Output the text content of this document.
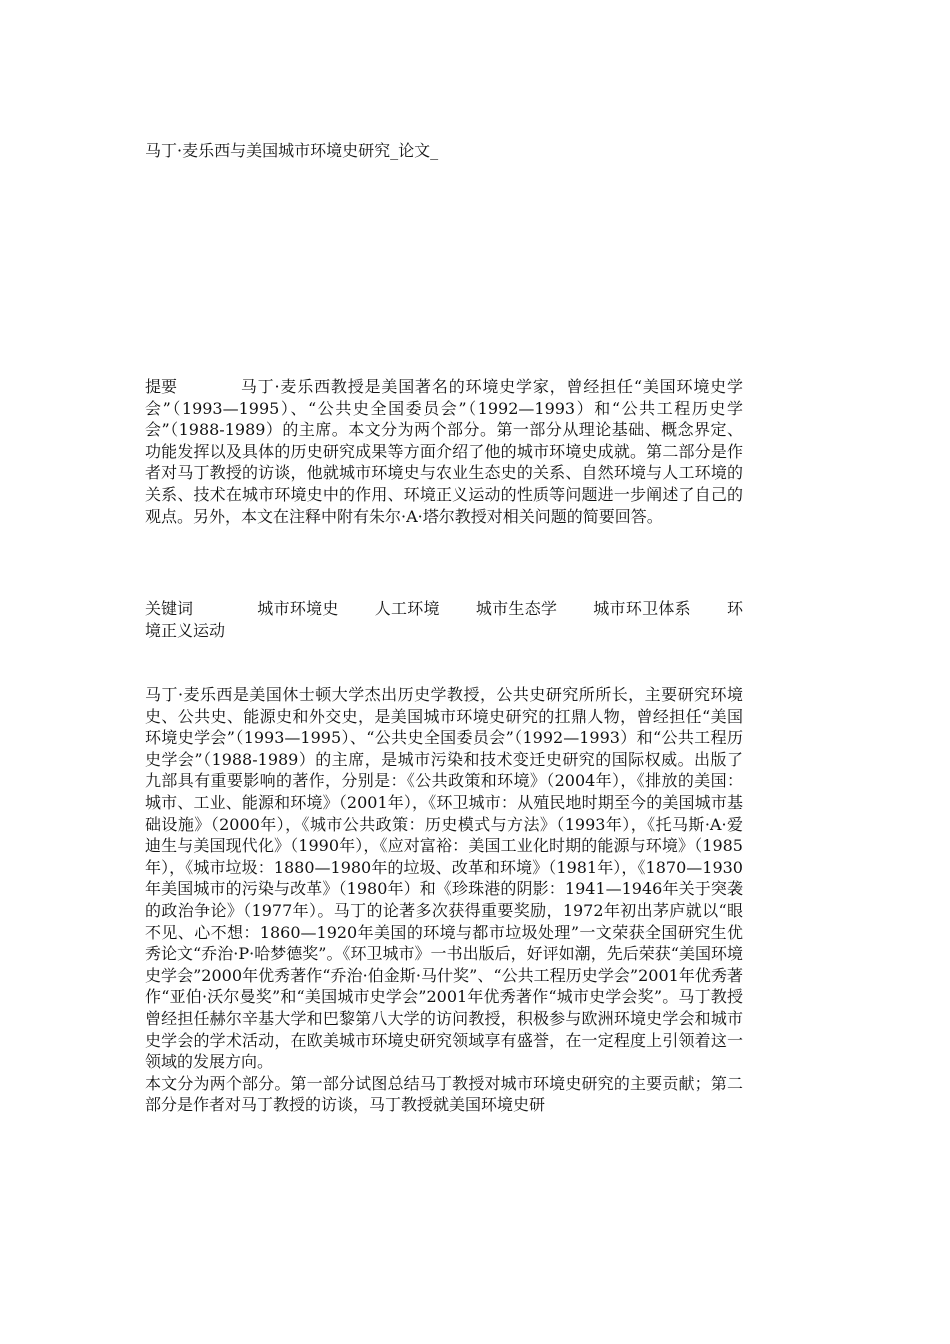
马丁·麦乐西与美国城市环境史研究_论文_
提要	马丁·麦乐西教授是美国著名的环境史学家，曾经担任“美国环境史学会”（1993—1995）、“公共史全国委员会”（1992—1993）和“公共工程历史学会”（1988-1989）的主席。本文分为两个部分。第一部分从理论基础、概念界定、功能发挥以及具体的历史研究成果等方面介绍了他的城市环境史成就。第二部分是作者对马丁教授的访谈，他就城市环境史与农业生态史的关系、自然环境与人工环境的关系、技术在城市环境史中的作用、环境正义运动的性质等问题进一步阐述了自己的观点。另外，本文在注释中附有朱尔·A·塔尔教授对相关问题的简要回答。
关键词	城市环境史 人工环境 城市生态学 城市环卫体系 环境正义运动

马丁·麦乐西是美国休士顿大学杰出历史学教授，公共史研究所所长，主要研究环境史、公共史、能源史和外交史，是美国城市环境史研究的扛鼎人物，曾经担任“美国环境史学会”（1993—1995）、“公共史全国委员会”（1992—1993）和“公共工程历史学会”（1988-1989）的主席，是城市污染和技术变迁史研究的国际权威。出版了九部具有重要影响的著作，分别是：《公共政策和环境》（2004年），《排放的美国：城市、工业、能源和环境》（2001年），《环卫城市：从殖民地时期至今的美国城市基础设施》（2000年），《城市公共政策：历史模式与方法》（1993年），《托马斯·A·爱迪生与美国现代化》（1990年），《应对富裕：美国工业化时期的能源与环境》（1985年），《城市垃圾：1880—1980年的垃圾、改革和环境》（1981年），《1870—1930年美国城市的污染与改革》（1980年）和《珍珠港的阴影：1941—1946年关于突袭的政治争论》（1977年）。马丁的论著多次获得重要奖励，1972年初出茅庐就以“眼不见、心不想：1860—1920年美国的环境与都市垃圾处理”一文荣获全国研究生优秀论文“乔治·P·哈梦德奖”。《环卫城市》一书出版后，好评如潮，先后荣获“美国环境史学会”2000年优秀著作“乔治·伯金斯·马什奖”、“公共工程历史学会”2001年优秀著作“亚伯·沃尔曼奖”和“美国城市史学会”2001年优秀著作“城市史学会奖”。马丁教授曾经担任赫尔辛基大学和巴黎第八大学的访问教授，积极参与欧洲环境史学会和城市史学会的学术活动，在欧美城市环境史研究领域享有盛誉，在一定程度上引领着这一领域的发展方向。

本文分为两个部分。第一部分试图总结马丁教授对城市环境史研究的主要贡献；第二部分是作者对马丁教授的访谈，马丁教授就美国环境史研
